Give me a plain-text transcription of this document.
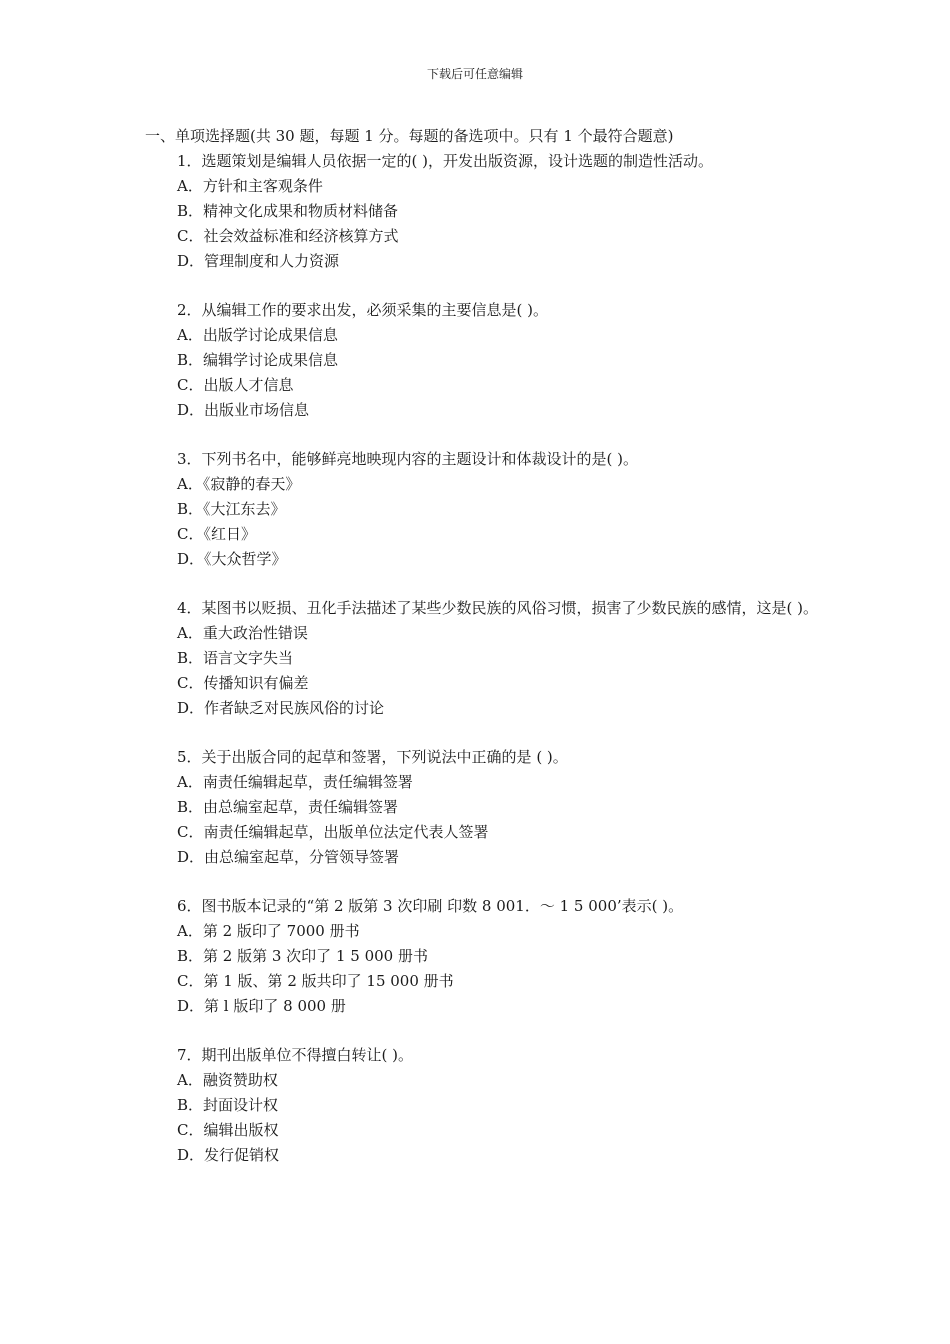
下载后可任意编辑

一、单项选择题(共 30 题，每题 1 分。每题的备选项中。只有 1 个最符合题意)

1．选题策划是编辑人员依据一定的( )，开发出版资源，设计选题的制造性活动。

A．方针和主客观条件

B．精神文化成果和物质材料储备

C．社会效益标准和经济核算方式

D．管理制度和人力资源

2．从编辑工作的要求出发，必须采集的主要信息是( )。

A．出版学讨论成果信息

B．编辑学讨论成果信息

C．出版人才信息

D．出版业市场信息

3．下列书名中，能够鲜亮地映现内容的主题设计和体裁设计的是( )。

A．《寂静的春天》

B．《大江东去》

C．《红日》

D．《大众哲学》

4．某图书以贬损、丑化手法描述了某些少数民族的风俗习惯，损害了少数民族的感情，这是( )。

A．重大政治性错误

B．语言文字失当

C．传播知识有偏差

D．作者缺乏对民族风俗的讨论

5．关于出版合同的起草和签署，下列说法中正确的是 ( )。

A．南责任编辑起草，责任编辑签署

B．由总编室起草，责任编辑签署

C．南责任编辑起草，出版单位法定代表人签署

D．由总编室起草，分管领导签署

6．图书版本记录的“第 2 版第 3 次印刷 印数 8 001．～ 1 5 000’表示( )。

A．第 2 版印了 7000 册书

B．第 2 版第 3 次印了 1 5 000 册书

C．第 1 版、第 2 版共印了 15 000 册书

D．第 l 版印了 8 000 册

7．期刊出版单位不得擅白转让( )。

A．融资赞助权

B．封面设计权

C．编辑出版权

D．发行促销权
